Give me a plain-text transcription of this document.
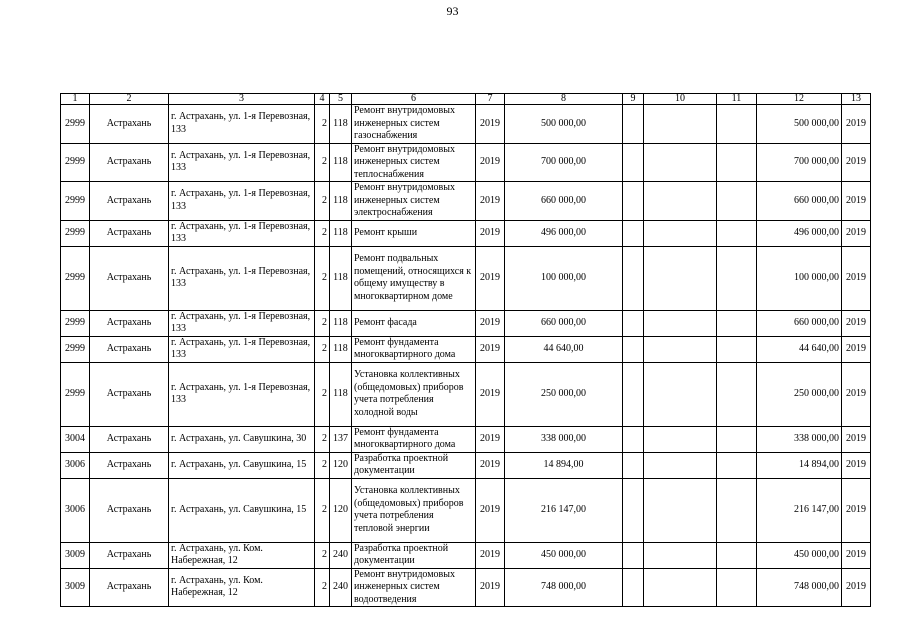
93
1	2	3	4	5	6	7	8	9	10	11	12	13
2999	Астрахань	г. Астрахань, ул. 1-я Перевозная, 133	2	118	Ремонт внутридомовых инженерных систем газоснабжения	2019	500 000,00				500 000,00	2019
2999	Астрахань	г. Астрахань, ул. 1-я Перевозная, 133	2	118	Ремонт внутридомовых инженерных систем теплоснабжения	2019	700 000,00				700 000,00	2019
2999	Астрахань	г. Астрахань, ул. 1-я Перевозная, 133	2	118	Ремонт внутридомовых инженерных систем электроснабжения	2019	660 000,00				660 000,00	2019
2999	Астрахань	г. Астрахань, ул. 1-я Перевозная, 133	2	118	Ремонт крыши	2019	496 000,00				496 000,00	2019
2999	Астрахань	г. Астрахань, ул. 1-я Перевозная, 133	2	118	Ремонт подвальных помещений, относящихся к общему имуществу в многоквартирном доме	2019	100 000,00				100 000,00	2019
2999	Астрахань	г. Астрахань, ул. 1-я Перевозная, 133	2	118	Ремонт фасада	2019	660 000,00				660 000,00	2019
2999	Астрахань	г. Астрахань, ул. 1-я Перевозная, 133	2	118	Ремонт фундамента многоквартирного дома	2019	44 640,00				44 640,00	2019
2999	Астрахань	г. Астрахань, ул. 1-я Перевозная, 133	2	118	Установка коллективных (общедомовых) приборов учета потребления холодной воды	2019	250 000,00				250 000,00	2019
3004	Астрахань	г. Астрахань, ул. Савушкина, 30	2	137	Ремонт фундамента многоквартирного дома	2019	338 000,00				338 000,00	2019
3006	Астрахань	г. Астрахань, ул. Савушкина, 15	2	120	Разработка проектной документации	2019	14 894,00				14 894,00	2019
3006	Астрахань	г. Астрахань, ул. Савушкина, 15	2	120	Установка коллективных (общедомовых) приборов учета потребления тепловой энергии	2019	216 147,00				216 147,00	2019
3009	Астрахань	г. Астрахань, ул. Ком. Набережная, 12	2	240	Разработка проектной документации	2019	450 000,00				450 000,00	2019
3009	Астрахань	г. Астрахань, ул. Ком. Набережная, 12	2	240	Ремонт внутридомовых инженерных систем водоотведения	2019	748 000,00				748 000,00	2019
